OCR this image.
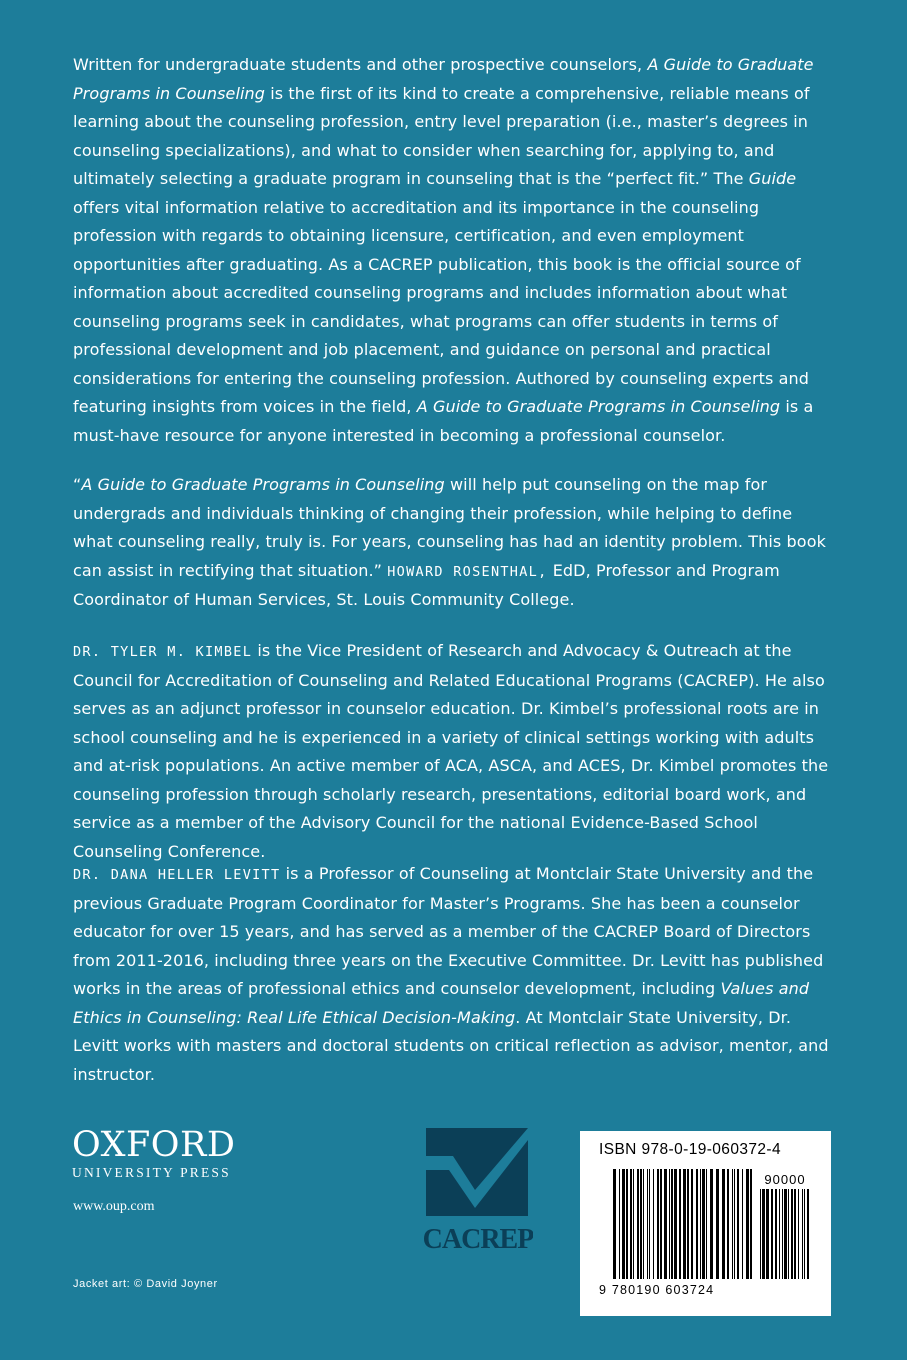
Written for undergraduate students and other prospective counselors, A Guide to Graduate Programs in Counseling is the first of its kind to create a comprehensive, reliable means of learning about the counseling profession, entry level preparation (i.e., master’s degrees in counseling specializations), and what to consider when searching for, applying to, and ultimately selecting a graduate program in counseling that is the “perfect fit.” The Guide offers vital information relative to accreditation and its importance in the counseling profession with regards to obtaining licensure, certification, and even employment opportunities after graduating. As a CACREP publication, this book is the official source of information about accredited counseling programs and includes information about what counseling programs seek in candidates, what programs can offer students in terms of professional development and job placement, and guidance on personal and practical considerations for entering the counseling profession. Authored by counseling experts and featuring insights from voices in the field, A Guide to Graduate Programs in Counseling is a must-have resource for anyone interested in becoming a professional counselor.

“A Guide to Graduate Programs in Counseling will help put counseling on the map for undergrads and individuals thinking of changing their profession, while helping to define what counseling really, truly is. For years, counseling has had an identity problem. This book can assist in rectifying that situation.” HOWARD ROSENTHAL, EdD, Professor and Program Coordinator of Human Services, St. Louis Community College.

DR. TYLER M. KIMBEL is the Vice President of Research and Advocacy & Outreach at the Council for Accreditation of Counseling and Related Educational Programs (CACREP). He also serves as an adjunct professor in counselor education. Dr. Kimbel’s professional roots are in school counseling and he is experienced in a variety of clinical settings working with adults and at-risk populations. An active member of ACA, ASCA, and ACES, Dr. Kimbel promotes the counseling profession through scholarly research, presentations, editorial board work, and service as a member of the Advisory Council for the national Evidence-Based School Counseling Conference.

DR. DANA HELLER LEVITT is a Professor of Counseling at Montclair State University and the previous Graduate Program Coordinator for Master’s Programs. She has been a counselor educator for over 15 years, and has served as a member of the CACREP Board of Directors from 2011-2016, including three years on the Executive Committee. Dr. Levitt has published works in the areas of professional ethics and counselor development, including Values and Ethics in Counseling: Real Life Ethical Decision-Making. At Montclair State University, Dr. Levitt works with masters and doctoral students on critical reflection as advisor, mentor, and instructor.

OXFORD
UNIVERSITY PRESS
www.oup.com
Jacket art: © David Joyner
CACREP
ISBN 978-0-19-060372-4
90000
9 780190 603724
